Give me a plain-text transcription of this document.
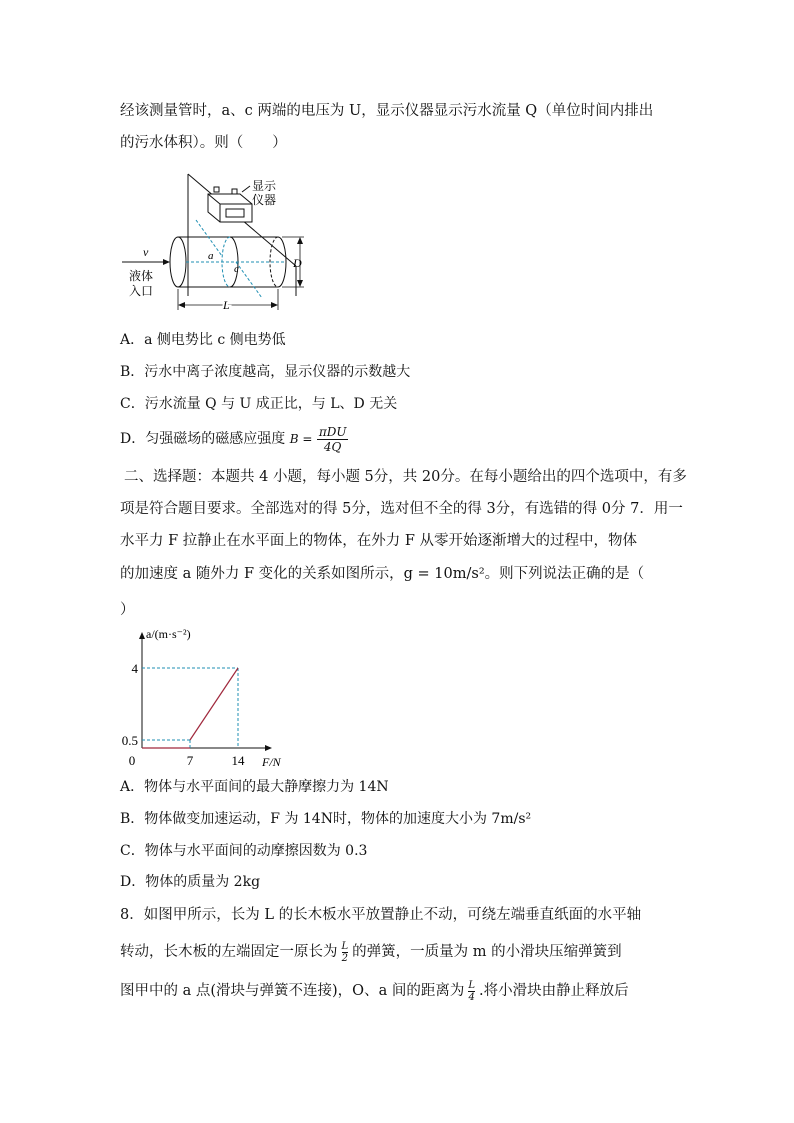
经该测量管时，a、c 两端的电压为 U，显示仪器显示污水流量 Q（单位时间内排出
的污水体积）。则（　　）
显示
仪器
a
c
v
液体
入口
D
L
A．a 侧电势比 c 侧电势低
B．污水中离子浓度越高，显示仪器的示数越大
C．污水流量 Q 与 U 成正比，与 L、D 无关
D．匀强磁场的磁感应强度 B =
πDU
4Q
二、选择题：本题共 4 小题，每小题 5分，共 20分。在每小题给出的四个选项中，有多
项是符合题目要求。全部选对的得 5分，选对但不全的得 3分，有选错的得 0分 7．用一
水平力 F 拉静止在水平面上的物体，在外力 F 从零开始逐渐增大的过程中，物体
的加速度 a 随外力 F 变化的关系如图所示，g = 10m/s²。则下列说法正确的是（
）
0	7	14
0.5
4
a/(m·s⁻²)
F/N
A．物体与水平面间的最大静摩擦力为 14N
B．物体做变加速运动，F 为 14N时，物体的加速度大小为 7m/s²
C．物体与水平面间的动摩擦因数为 0.3
D．物体的质量为 2kg
8．如图甲所示，长为 L 的长木板水平放置静止不动，可绕左端垂直纸面的水平轴
转动，长木板的左端固定一原长为 $\frac{L}{2}$ 的弹簧，一质量为 m 的小滑块压缩弹簧到
图甲中的 a 点(滑块与弹簧不连接)，O、a 间的距离为 $\frac{L}{4}$ .将小滑块由静止释放后
